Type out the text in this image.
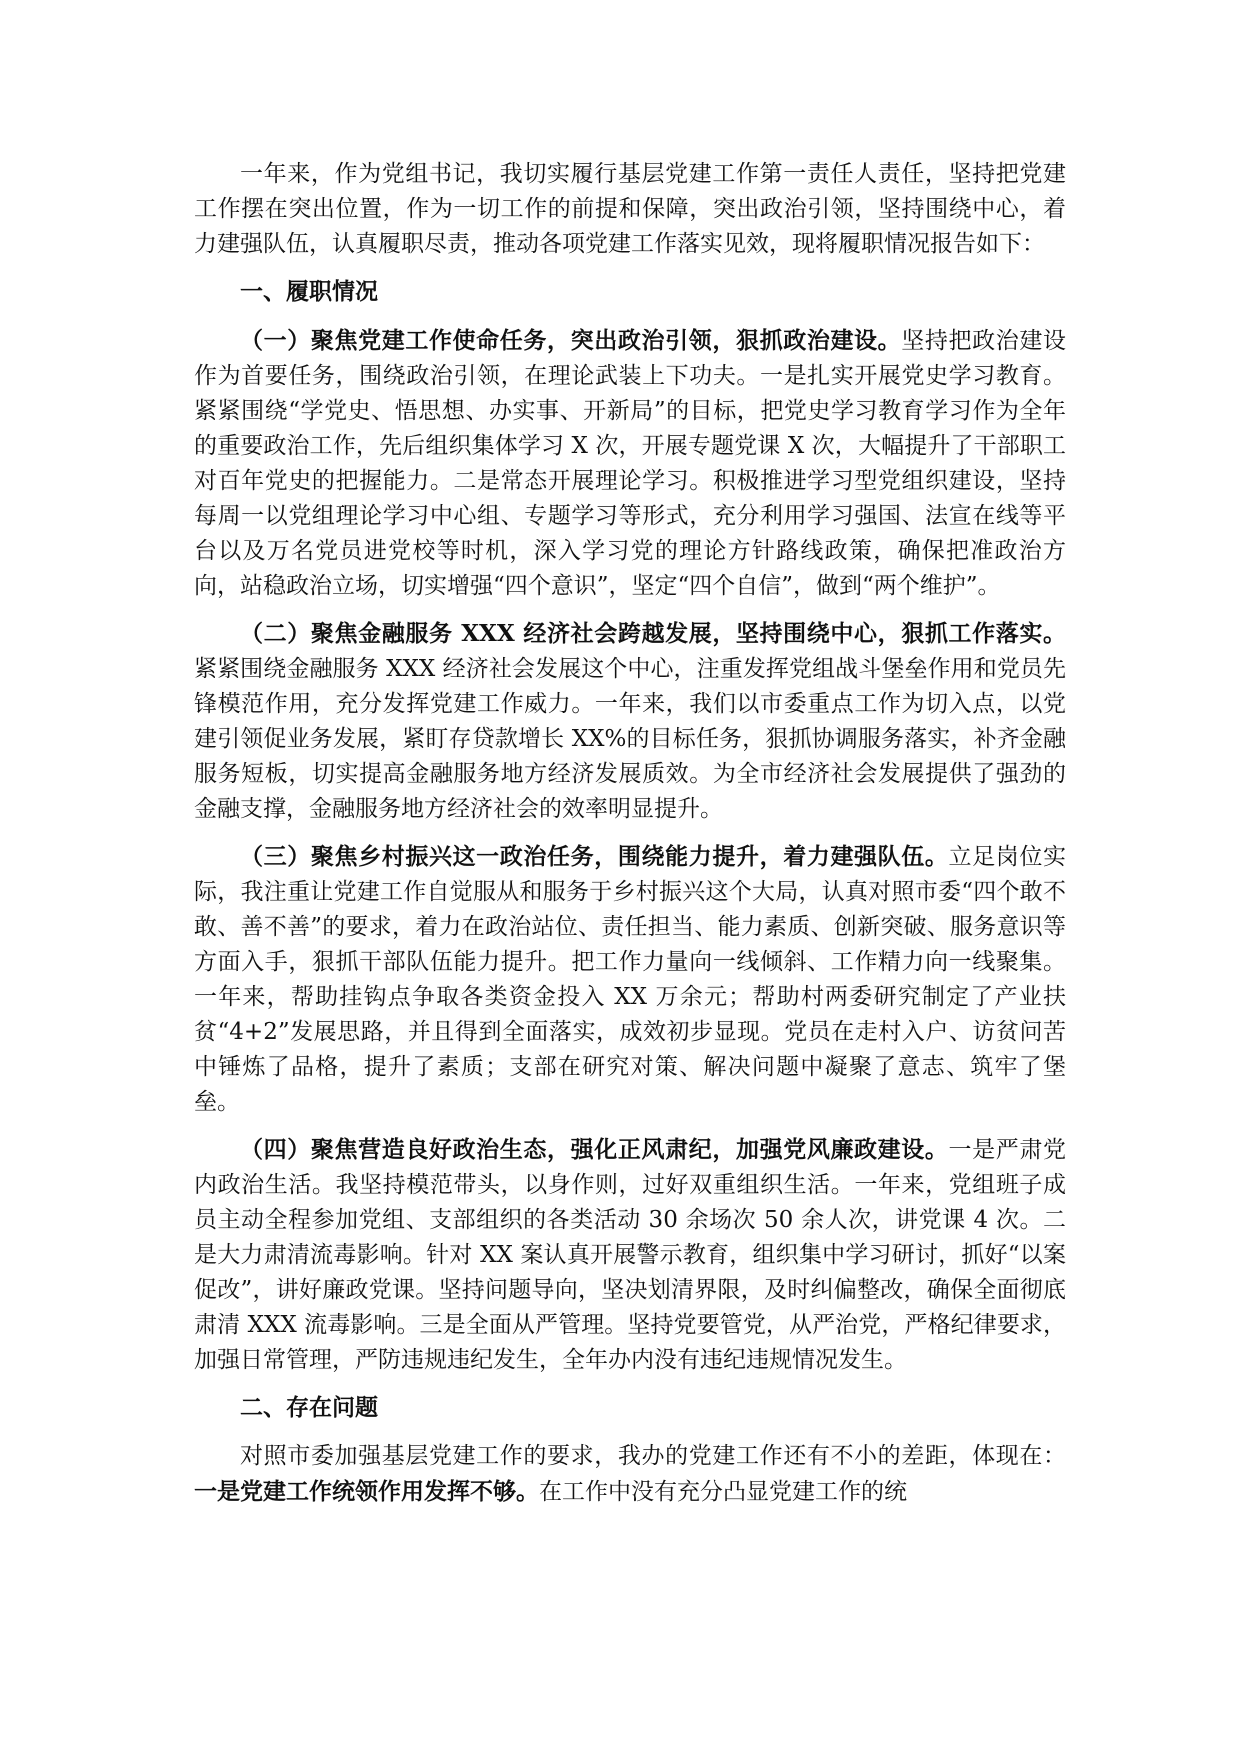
一年来，作为党组书记，我切实履行基层党建工作第一责任人责任，坚持把党建工作摆在突出位置，作为一切工作的前提和保障，突出政治引领，坚持围绕中心，着力建强队伍，认真履职尽责，推动各项党建工作落实见效，现将履职情况报告如下：

一、履职情况

（一）聚焦党建工作使命任务，突出政治引领，狠抓政治建设。坚持把政治建设作为首要任务，围绕政治引领，在理论武装上下功夫。一是扎实开展党史学习教育。紧紧围绕“学党史、悟思想、办实事、开新局”的目标，把党史学习教育学习作为全年的重要政治工作，先后组织集体学习 X 次，开展专题党课 X 次，大幅提升了干部职工对百年党史的把握能力。二是常态开展理论学习。积极推进学习型党组织建设，坚持每周一以党组理论学习中心组、专题学习等形式，充分利用学习强国、法宣在线等平台以及万名党员进党校等时机，深入学习党的理论方针路线政策，确保把准政治方向，站稳政治立场，切实增强“四个意识”，坚定“四个自信”，做到“两个维护”。

（二）聚焦金融服务 XXX 经济社会跨越发展，坚持围绕中心，狠抓工作落实。紧紧围绕金融服务 XXX 经济社会发展这个中心，注重发挥党组战斗堡垒作用和党员先锋模范作用，充分发挥党建工作威力。一年来，我们以市委重点工作为切入点，以党建引领促业务发展，紧盯存贷款增长 XX%的目标任务，狠抓协调服务落实，补齐金融服务短板，切实提高金融服务地方经济发展质效。为全市经济社会发展提供了强劲的金融支撑，金融服务地方经济社会的效率明显提升。

（三）聚焦乡村振兴这一政治任务，围绕能力提升，着力建强队伍。立足岗位实际，我注重让党建工作自觉服从和服务于乡村振兴这个大局，认真对照市委“四个敢不敢、善不善”的要求，着力在政治站位、责任担当、能力素质、创新突破、服务意识等方面入手，狠抓干部队伍能力提升。把工作力量向一线倾斜、工作精力向一线聚集。一年来，帮助挂钩点争取各类资金投入 XX 万余元；帮助村两委研究制定了产业扶贫“4+2”发展思路，并且得到全面落实，成效初步显现。党员在走村入户、访贫问苦中锤炼了品格，提升了素质；支部在研究对策、解决问题中凝聚了意志、筑牢了堡垒。

（四）聚焦营造良好政治生态，强化正风肃纪，加强党风廉政建设。一是严肃党内政治生活。我坚持模范带头，以身作则，过好双重组织生活。一年来，党组班子成员主动全程参加党组、支部组织的各类活动 30 余场次 50 余人次，讲党课 4 次。二是大力肃清流毒影响。针对 XX 案认真开展警示教育，组织集中学习研讨，抓好“以案促改”，讲好廉政党课。坚持问题导向，坚决划清界限，及时纠偏整改，确保全面彻底肃清 XXX 流毒影响。三是全面从严管理。坚持党要管党，从严治党，严格纪律要求，加强日常管理，严防违规违纪发生，全年办内没有违纪违规情况发生。

二、存在问题

对照市委加强基层党建工作的要求，我办的党建工作还有不小的差距，体现在：一是党建工作统领作用发挥不够。在工作中没有充分凸显党建工作的统
